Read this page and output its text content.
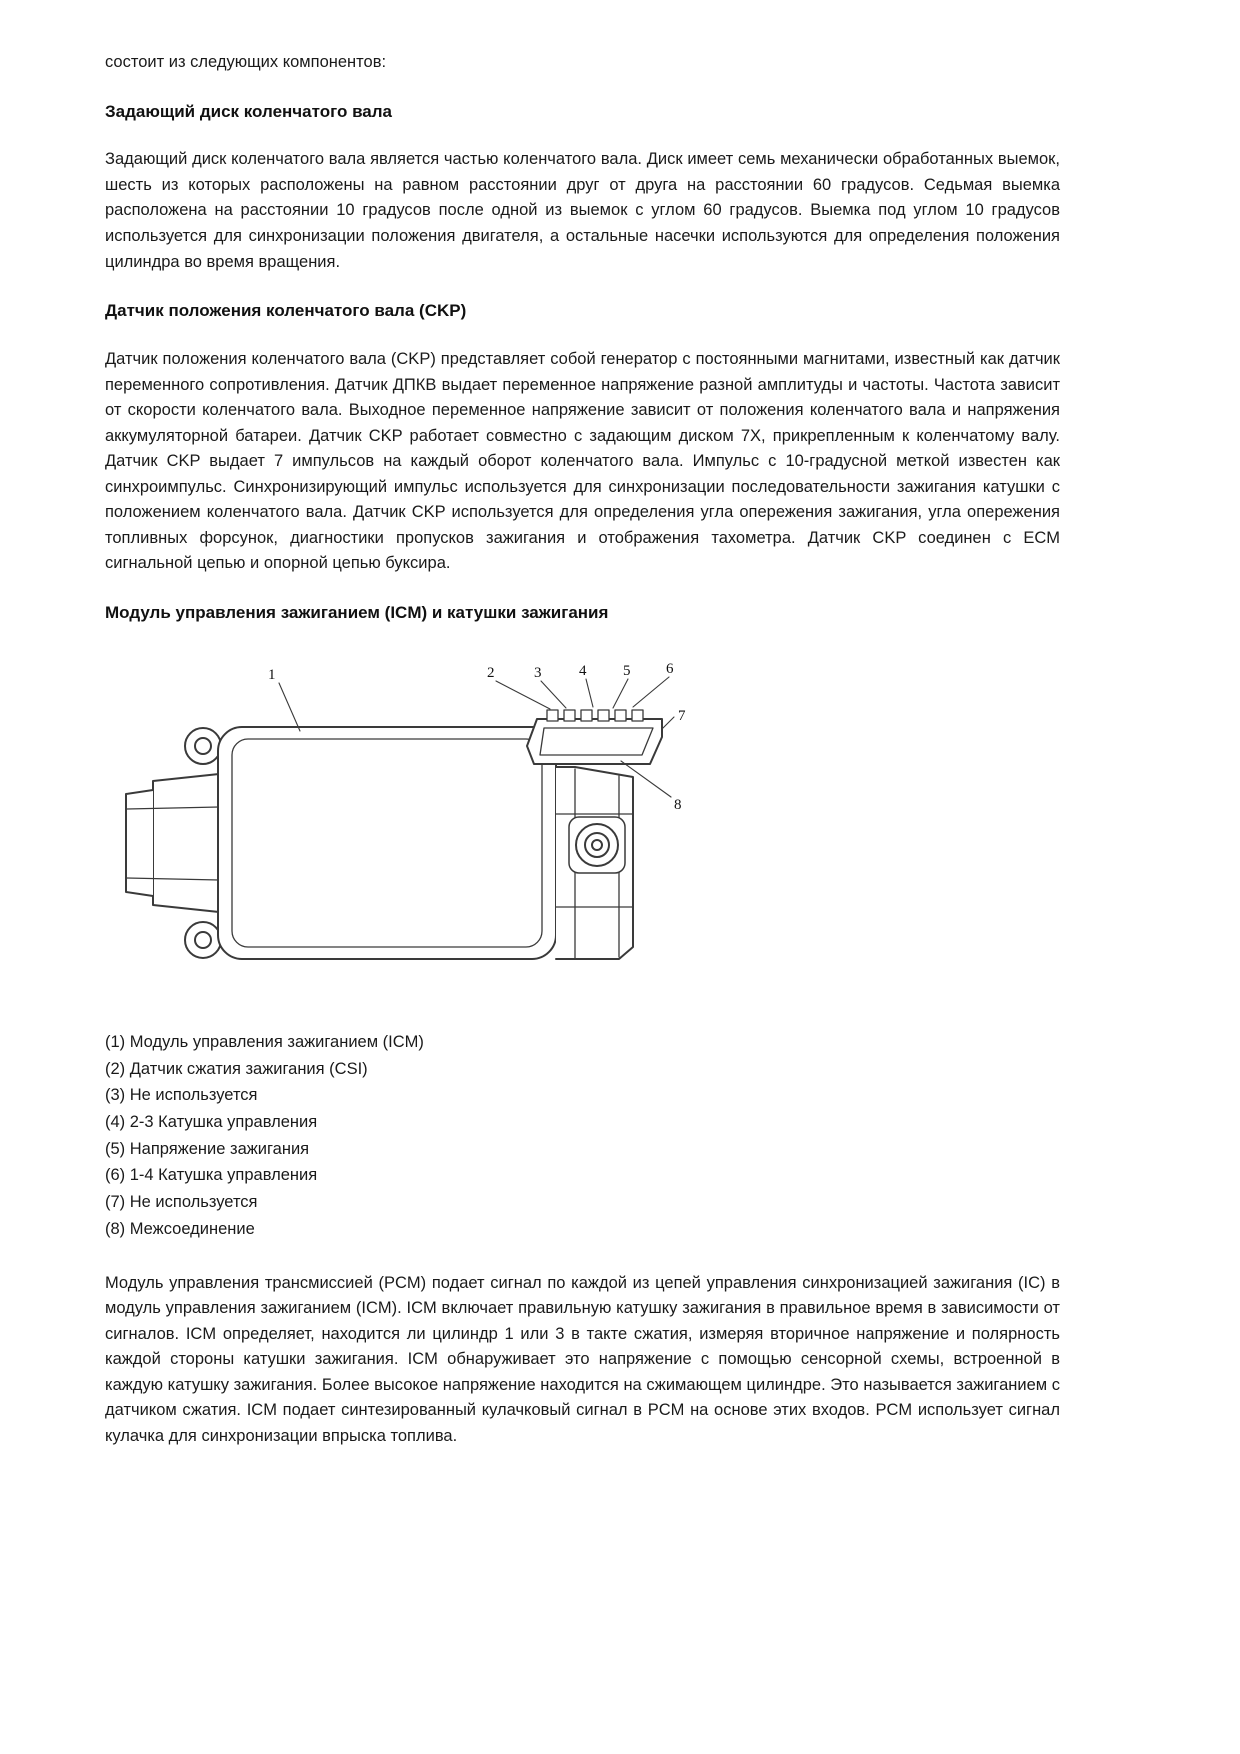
состоит из следующих компонентов:

Задающий диск коленчатого вала

Задающий диск коленчатого вала является частью коленчатого вала. Диск имеет семь механически обработанных выемок, шесть из которых расположены на равном расстоянии друг от друга на расстоянии 60 градусов. Седьмая выемка расположена на расстоянии 10 градусов после одной из выемок с углом 60 градусов. Выемка под углом 10 градусов используется для синхронизации положения двигателя, а остальные насечки используются для определения положения цилиндра во время вращения.

Датчик положения коленчатого вала (CKP)

Датчик положения коленчатого вала (CKP) представляет собой генератор с постоянными магнитами, известный как датчик переменного сопротивления. Датчик ДПКВ выдает переменное напряжение разной амплитуды и частоты. Частота зависит от скорости коленчатого вала. Выходное переменное напряжение зависит от положения коленчатого вала и напряжения аккумуляторной батареи. Датчик CKP работает совместно с задающим диском 7X, прикрепленным к коленчатому валу. Датчик CKP выдает 7 импульсов на каждый оборот коленчатого вала. Импульс с 10-градусной меткой известен как синхроимпульс. Синхронизирующий импульс используется для синхронизации последовательности зажигания катушки с положением коленчатого вала. Датчик CKP используется для определения угла опережения зажигания, угла опережения топливных форсунок, диагностики пропусков зажигания и отображения тахометра. Датчик CKP соединен с ECM сигнальной цепью и опорной цепью буксира.

Модуль управления зажиганием (ICM) и катушки зажигания
1	2	3	4 5 6
7
8
(1) Модуль управления зажиганием (ICM)
(2) Датчик сжатия зажигания (CSI)
(3) Не используется
(4) 2-3 Катушка управления
(5) Напряжение зажигания
(6) 1-4 Катушка управления
(7) Не используется
(8) Межсоединение

Модуль управления трансмиссией (PCM) подает сигнал по каждой из цепей управления синхронизацией зажигания (IC) в модуль управления зажиганием (ICM). ICM включает правильную катушку зажигания в правильное время в зависимости от сигналов. ICM определяет, находится ли цилиндр 1 или 3 в такте сжатия, измеряя вторичное напряжение и полярность каждой стороны катушки зажигания. ICM обнаруживает это напряжение с помощью сенсорной схемы, встроенной в каждую катушку зажигания. Более высокое напряжение находится на сжимающем цилиндре. Это называется зажиганием с датчиком сжатия. ICM подает синтезированный кулачковый сигнал в PCM на основе этих входов. PCM использует сигнал кулачка для синхронизации впрыска топлива.
